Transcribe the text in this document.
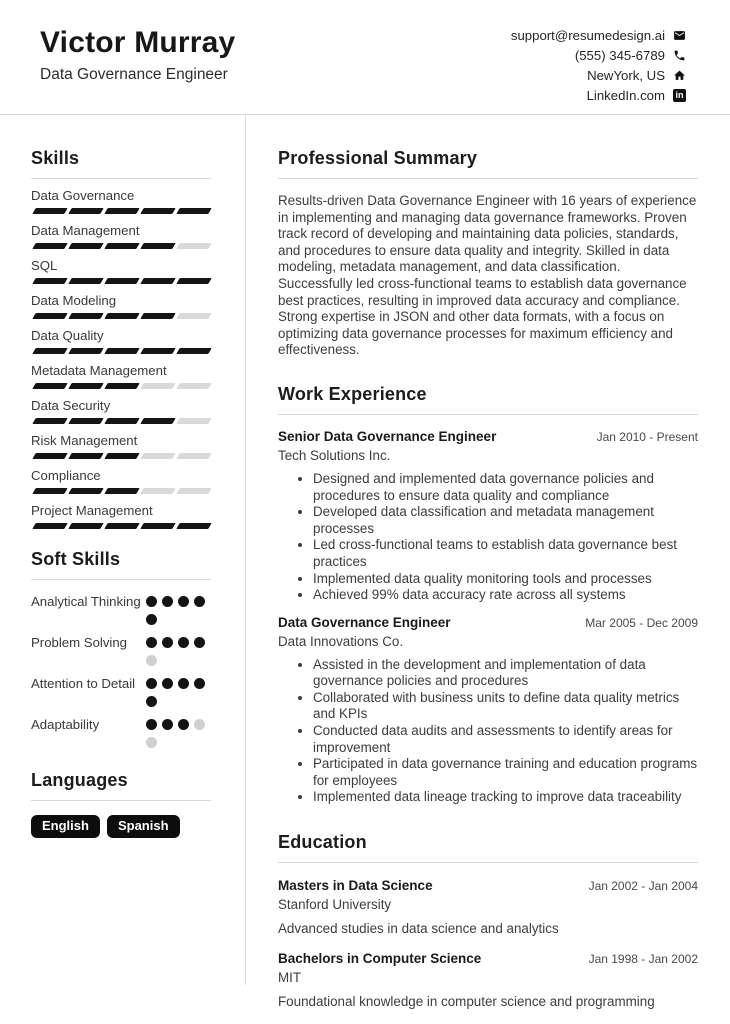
Victor Murray
Data Governance Engineer
support@resumedesign.ai
(555) 345-6789
NewYork, US
LinkedIn.com in
Skills
Data Governance
Data Management
SQL
Data Modeling
Data Quality
Metadata Management
Data Security
Risk Management
Compliance
Project Management
Soft Skills
Analytical Thinking
Problem Solving
Attention to Detail
Adaptability
Languages
English	Spanish
Professional Summary

Results-driven Data Governance Engineer with 16 years of experience in implementing and managing data governance frameworks. Proven track record of developing and maintaining data policies, standards, and procedures to ensure data quality and integrity. Skilled in data modeling, metadata management, and data classification. Successfully led cross-functional teams to establish data governance best practices, resulting in improved data accuracy and compliance. Strong expertise in JSON and other data formats, with a focus on optimizing data governance processes for maximum efficiency and effectiveness.

Work Experience
Senior Data Governance Engineer	Jan 2010 - Present
Tech Solutions Inc.
• Designed and implemented data governance policies and procedures to ensure data quality and compliance
• Developed data classification and metadata management processes
• Led cross-functional teams to establish data governance best practices
• Implemented data quality monitoring tools and processes
• Achieved 99% data accuracy rate across all systems
Data Governance Engineer	Mar 2005 - Dec 2009
Data Innovations Co.
• Assisted in the development and implementation of data governance policies and procedures
• Collaborated with business units to define data quality metrics and KPIs
• Conducted data audits and assessments to identify areas for improvement
• Participated in data governance training and education programs for employees
• Implemented data lineage tracking to improve data traceability
Education
Masters in Data Science	Jan 2002 - Jan 2004
Stanford University
Advanced studies in data science and analytics
Bachelors in Computer Science	Jan 1998 - Jan 2002
MIT
Foundational knowledge in computer science and programming
